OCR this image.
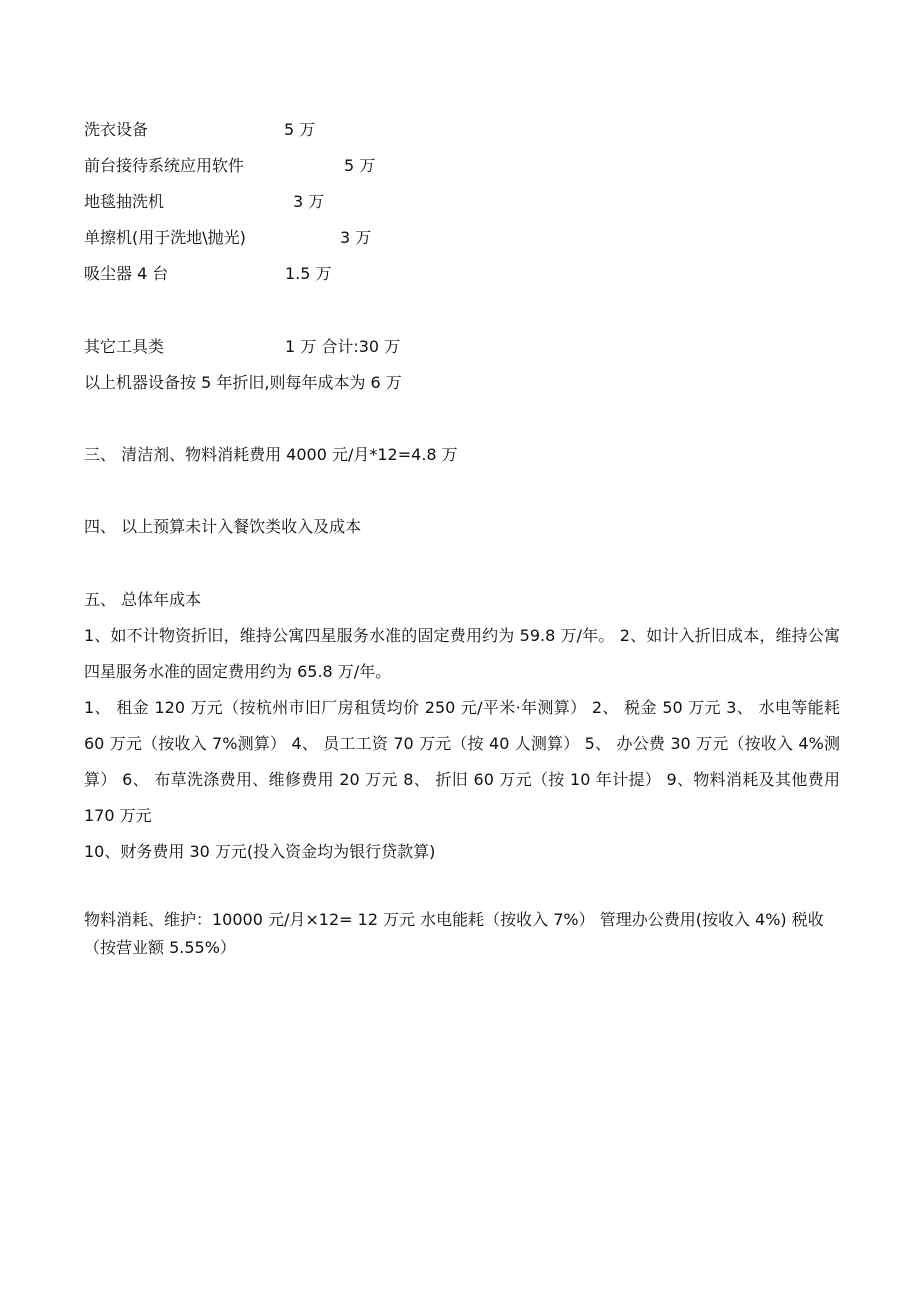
洗衣设备	5 万
前台接待系统应用软件	5 万
地毯抽洗机	3 万
单擦机(用于洗地\抛光)	3 万
吸尘器 4 台	1.5 万
其它工具类	1 万 合计:30 万
以上机器设备按 5 年折旧,则每年成本为 6 万
三、 清洁剂、物料消耗费用 4000 元/月*12=4.8 万
四、 以上预算未计入餐饮类收入及成本
五、 总体年成本
1、如不计物资折旧，维持公寓四星服务水准的固定费用约为 59.8 万/年。 2、如计入折旧成本，维持公寓四星服务水准的固定费用约为 65.8 万/年。
1、 租金 120 万元（按杭州市旧厂房租赁均价 250 元/平米·年测算） 2、 税金 50 万元 3、 水电等能耗 60 万元（按收入 7%测算） 4、 员工工资 70 万元（按 40 人测算） 5、 办公费 30 万元（按收入 4%测算） 6、 布草洗涤费用、维修费用 20 万元 8、 折旧 60 万元（按 10 年计提） 9、物料消耗及其他费用 170 万元
10、财务费用 30 万元(投入资金均为银行贷款算)
物料消耗、维护：10000 元/月×12= 12 万元 水电能耗（按收入 7%） 管理办公费用(按收入 4%) 税收（按营业额 5.55%）
